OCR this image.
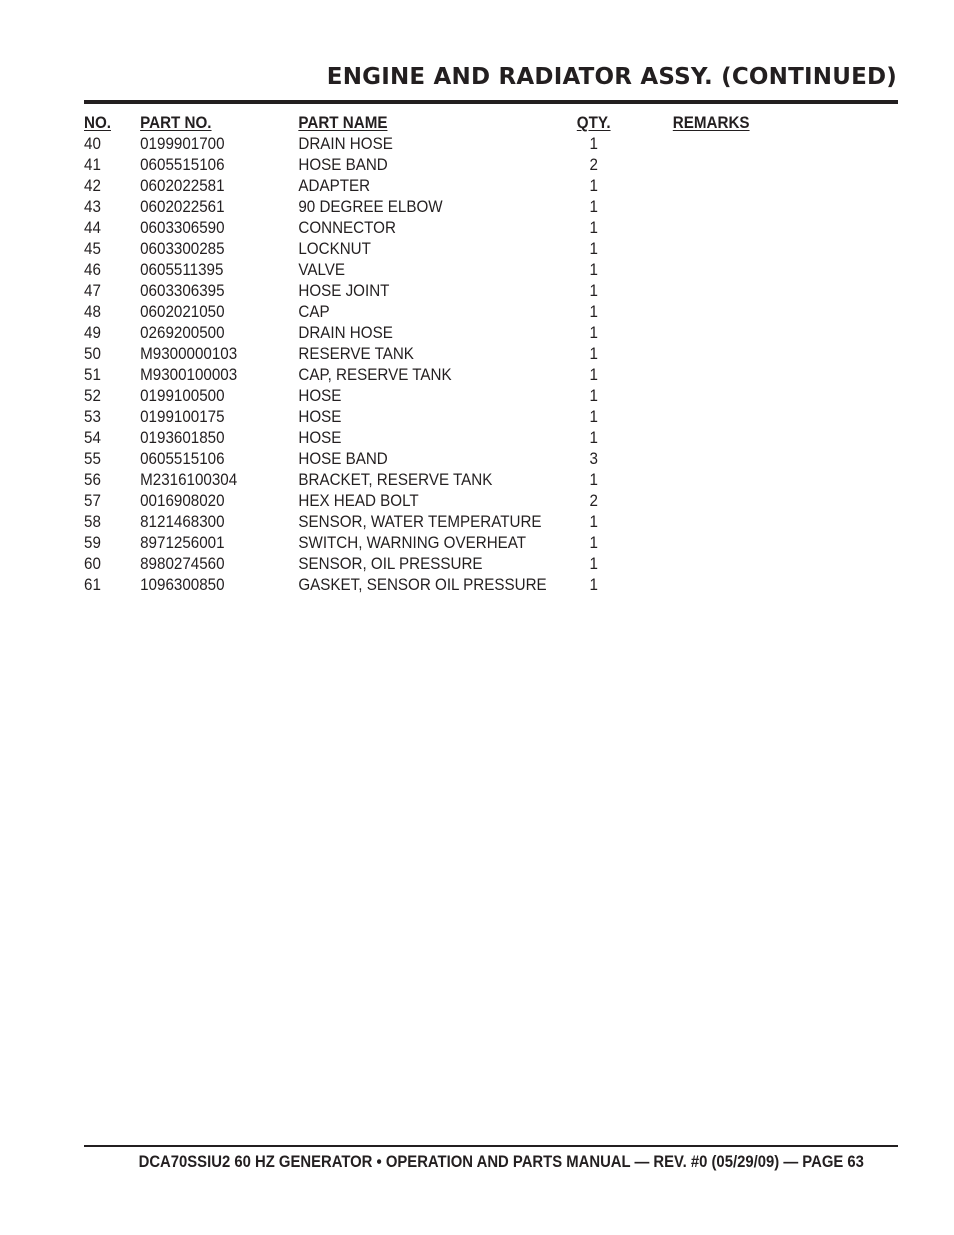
ENGINE AND RADIATOR ASSY. (CONTINUED)
NO. PART NO.	PART NAME	QTY.	REMARKS
40 0199901700	DRAIN HOSE	1
41 0605515106	HOSE BAND	2
42 0602022581	ADAPTER	1
43 0602022561	90 DEGREE ELBOW	1
44 0603306590	CONNECTOR	1
45 0603300285	LOCKNUT	1
46 0605511395	VALVE	1
47 0603306395	HOSE JOINT	1
48 0602021050	CAP	1
49 0269200500	DRAIN HOSE	1
50 M9300000103	RESERVE TANK	1
51 M9300100003	CAP, RESERVE TANK	1
52 0199100500	HOSE	1
53 0199100175	HOSE	1
54 0193601850	HOSE	1
55 0605515106	HOSE BAND	3
56 M2316100304	BRACKET, RESERVE TANK	1
57 0016908020	HEX HEAD BOLT	2
58 8121468300	SENSOR, WATER TEMPERATURE	1
59 8971256001	SWITCH, WARNING OVERHEAT	1
60 8980274560	SENSOR, OIL PRESSURE	1
61 1096300850	GASKET, SENSOR OIL PRESSURE	1
DCA70SSIU2 60 HZ GENERATOR • OPERATION AND PARTS MANUAL — REV. #0 (05/29/09) — PAGE 63
